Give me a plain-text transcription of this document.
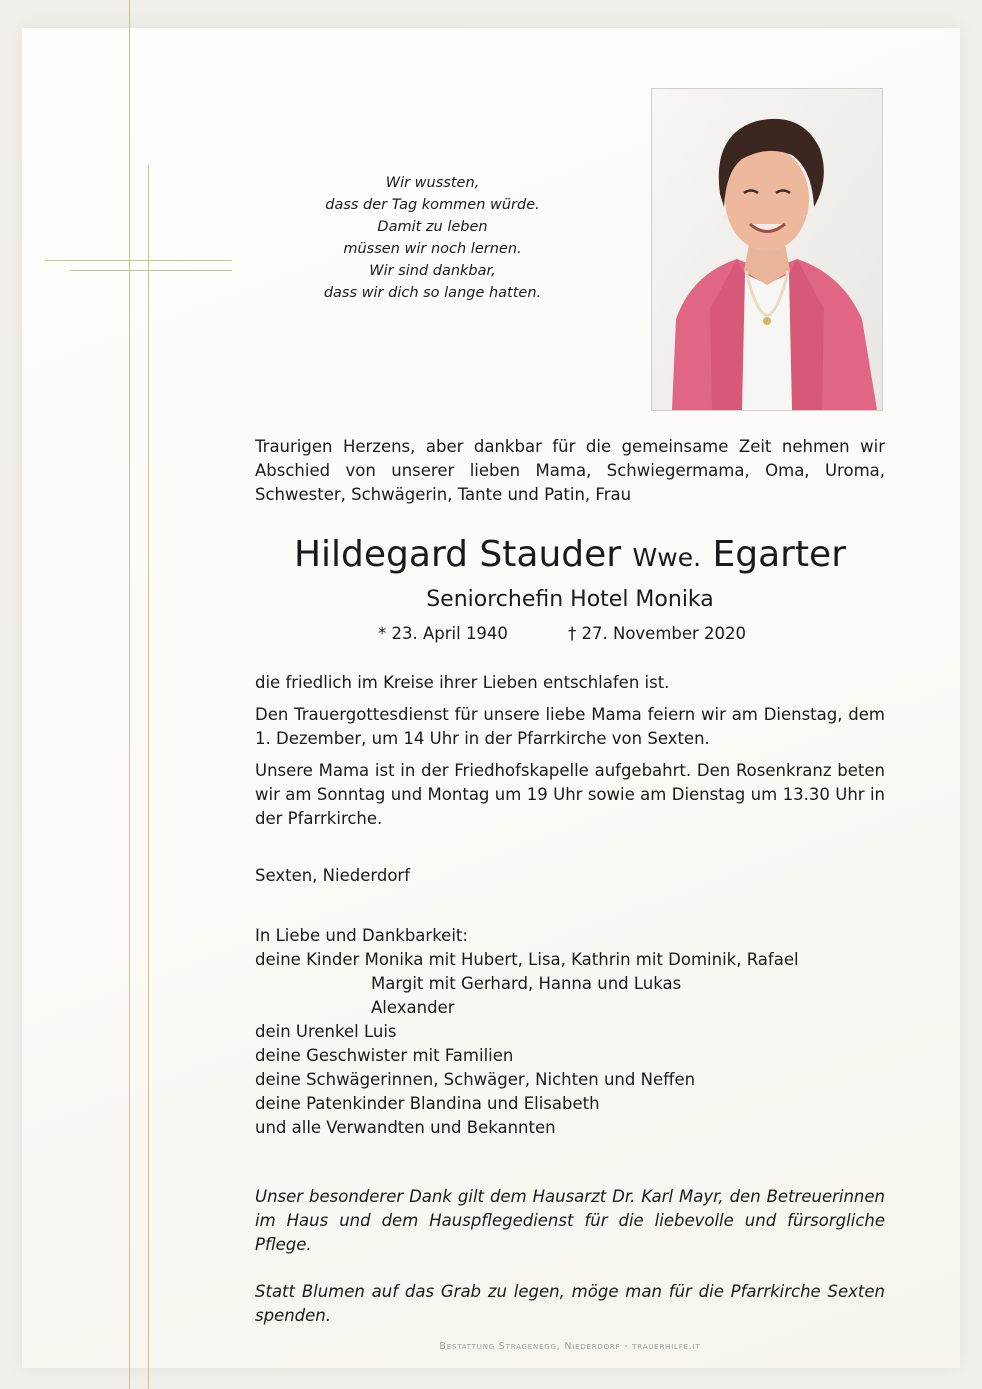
Wir wussten,
dass der Tag kommen würde.
Damit zu leben
müssen wir noch lernen.
Wir sind dankbar,
dass wir dich so lange hatten.
Traurigen Herzens, aber dankbar für die gemeinsame Zeit nehmen wir Abschied von unserer lieben Mama, Schwiegermama, Oma, Uroma, Schwester, Schwägerin, Tante und Patin, Frau
Hildegard Stauder Wwe. Egarter
Seniorchefin Hotel Monika
* 23. April 1940	† 27. November 2020
die friedlich im Kreise ihrer Lieben entschlafen ist.
Den Trauergottesdienst für unsere liebe Mama feiern wir am Dienstag, dem 1. Dezember, um 14 Uhr in der Pfarrkirche von Sexten.
Unsere Mama ist in der Friedhofskapelle aufgebahrt. Den Rosenkranz beten wir am Sonntag und Montag um 19 Uhr sowie am Dienstag um 13.30 Uhr in der Pfarrkirche.
Sexten, Niederdorf
In Liebe und Dankbarkeit:
deine Kinder Monika mit Hubert, Lisa, Kathrin mit Dominik, Rafael
Margit mit Gerhard, Hanna und Lukas
Alexander
dein Urenkel Luis
deine Geschwister mit Familien
deine Schwägerinnen, Schwäger, Nichten und Neffen
deine Patenkinder Blandina und Elisabeth
und alle Verwandten und Bekannten
Unser besonderer Dank gilt dem Hausarzt Dr. Karl Mayr, den Betreuerinnen im Haus und dem Hauspflegedienst für die liebevolle und fürsorgliche Pflege.
Statt Blumen auf das Grab zu legen, möge man für die Pfarrkirche Sexten spenden.
Bestattung Stragenegg, Niederdorf - trauerhilfe.it
